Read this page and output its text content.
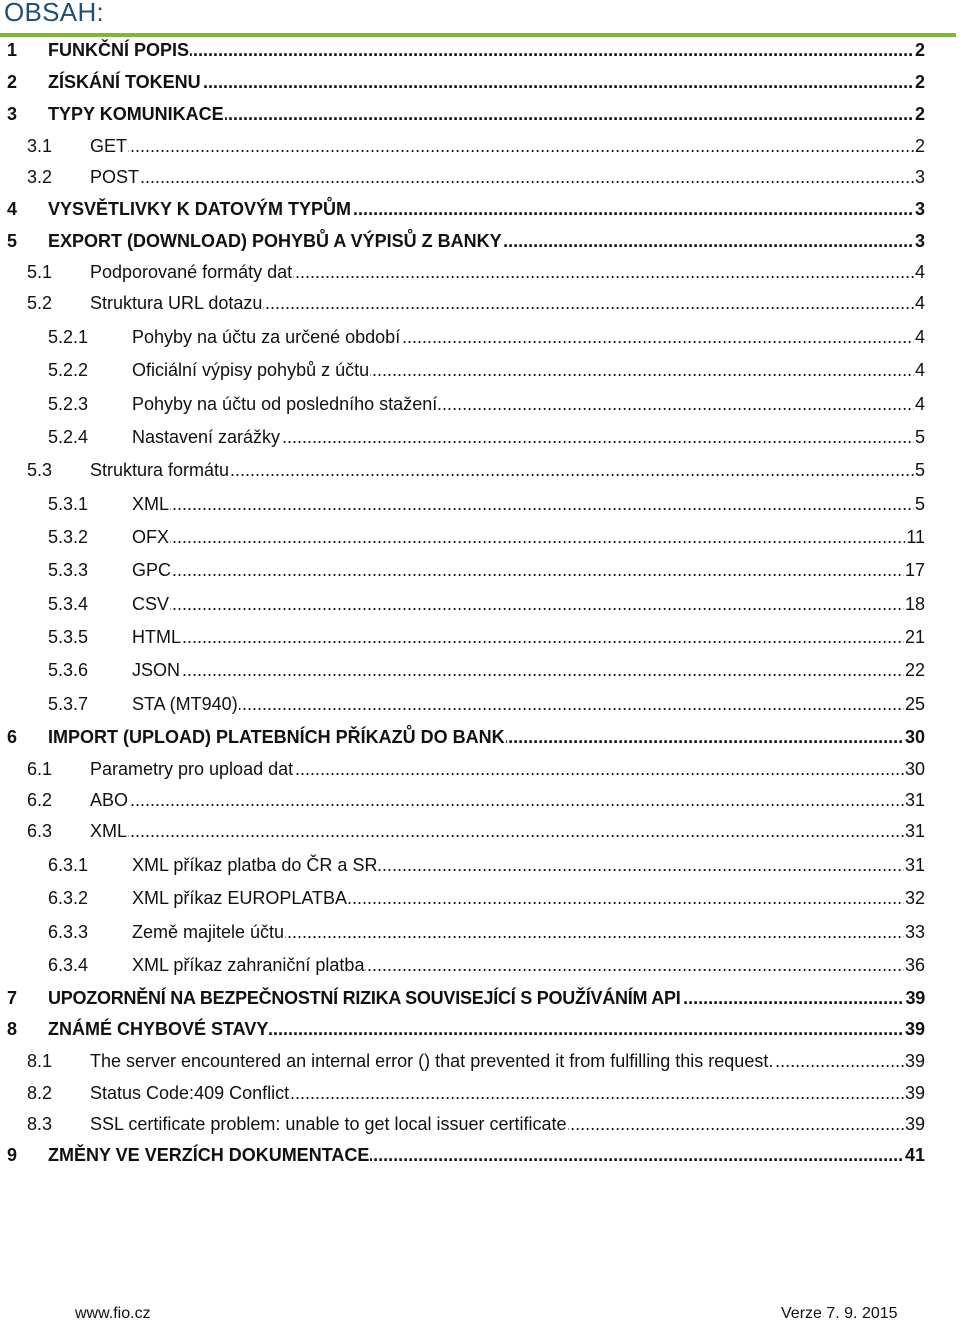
OBSAH:
1 ..... FUNKČNÍ POPIS	2
2 ..... ZÍSKÁNÍ TOKENU	2
3 ..... TYPY KOMUNIKACE	2
3.1 ..... GET	2
3.2 ..... POST	3
4 ..... VYSVĚTLIVKY K DATOVÝM TYPŮM	3
5 ..... EXPORT (DOWNLOAD) POHYBŮ A VÝPISŮ Z BANKY	3
5.1 ..... Podporované formáty dat	4
5.2 ..... Struktura URL dotazu	4
5.2.1 ..... Pohyby na účtu za určené období	4
5.2.2 ..... Oficiální výpisy pohybů z účtu	4
5.2.3 ..... Pohyby na účtu od posledního stažení	4
5.2.4 ..... Nastavení zarážky	5
5.3 ..... Struktura formátu	5
5.3.1 ..... XML	5
5.3.2 ..... OFX	11
5.3.3 ..... GPC	17
5.3.4 ..... CSV	18
5.3.5 ..... HTML	21
5.3.6 ..... JSON	22
5.3.7 ..... STA (MT940)	25
6 ..... IMPORT (UPLOAD) PLATEBNÍCH PŘÍKAZŮ DO BANK	30
6.1 ..... Parametry pro upload dat	30
6.2 ..... ABO	31
6.3 ..... XML	31
6.3.1 ..... XML příkaz platba do ČR a SR	31
6.3.2 ..... XML příkaz EUROPLATBA	32
6.3.3 ..... Země majitele účtu	33
6.3.4 ..... XML příkaz zahraniční platba	36
7 ..... UPOZORNĚNÍ NA BEZPEČNOSTNÍ RIZIKA SOUVISEJÍCÍ S POUŽÍVÁNÍM API	39
8 ..... ZNÁMÉ CHYBOVÉ STAVY	39
8.1 ..... The server encountered an internal error () that prevented it from fulfilling this request.	39
8.2 ..... Status Code:409 Conflict	39
8.3 ..... SSL certificate problem: unable to get local issuer certificate	39
9 ..... ZMĚNY VE VERZÍCH DOKUMENTACE	41
www.fio.cz	Verze 7. 9. 2015
